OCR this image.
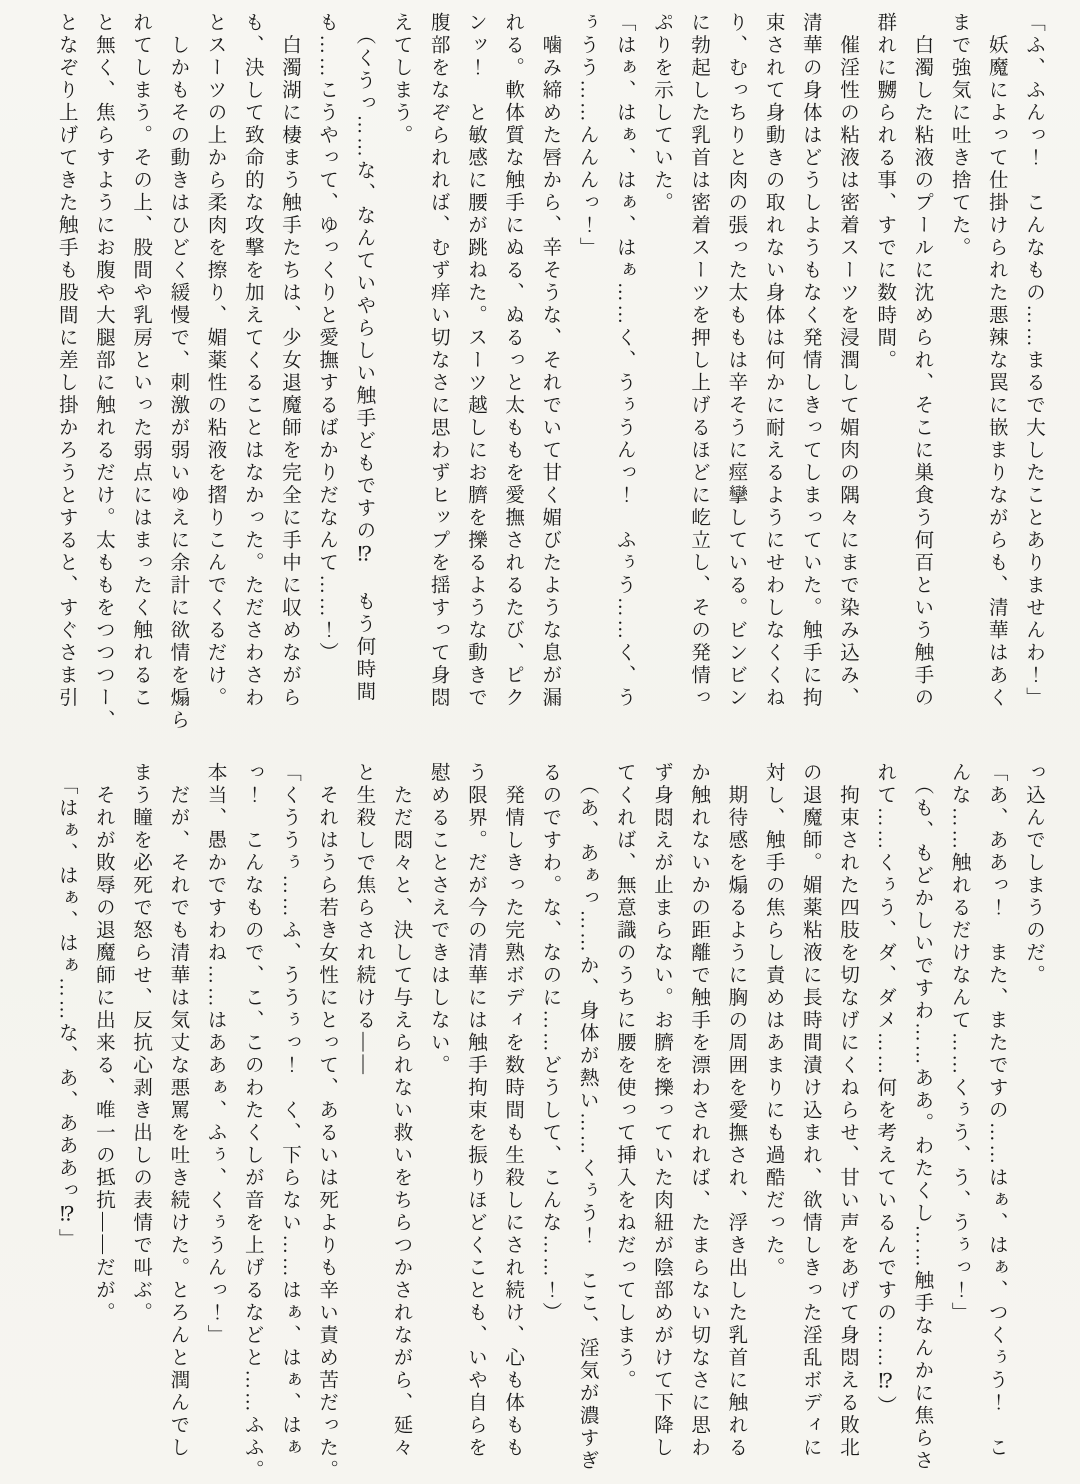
「ふ、ふんっ！　こんなもの……まるで大したことありませんわ！」
　妖魔によって仕掛けられた悪辣な罠に嵌まりながらも、清華はあく
まで強気に吐き捨てた。
　白濁した粘液のプールに沈められ、そこに巣食う何百という触手の
群れに嬲られる事、すでに数時間。
　催淫性の粘液は密着スーツを浸潤して媚肉の隅々にまで染み込み、
清華の身体はどうしようもなく発情しきってしまっていた。触手に拘
束されて身動きの取れない身体は何かに耐えるようにせわしなくくね
り、むっちりと肉の張った太ももは辛そうに痙攣している。ビンビン
に勃起した乳首は密着スーツを押し上げるほどに屹立し、その発情っ
ぷりを示していた。
「はぁ、はぁ、はぁ、はぁ……く、うぅうんっ！　ふぅう……く、う
ぅうう……んんんっ！」
　噛み締めた唇から、辛そうな、それでいて甘く媚びたような息が漏
れる。軟体質な触手にぬる、ぬるっと太ももを愛撫されるたび、ピク
ンッ！　と敏感に腰が跳ねた。スーツ越しにお臍を擽るような動きで
腹部をなぞられれば、むず痒い切なさに思わずヒップを揺すって身悶
えてしまう。
　（くうっ……な、なんていやらしい触手どもですの⁉　もう何時間
も……こうやって、ゆっくりと愛撫するばかりだなんて……！）
　白濁湖に棲まう触手たちは、少女退魔師を完全に手中に収めながら
も、決して致命的な攻撃を加えてくることはなかった。たださわさわ
とスーツの上から柔肉を擦り、媚薬性の粘液を摺りこんでくるだけ。
　しかもその動きはひどく緩慢で、刺激が弱いゆえに余計に欲情を煽ら
れてしまう。その上、股間や乳房といった弱点にはまったく触れるこ
と無く、焦らすようにお腹や大腿部に触れるだけ。太ももをつつつー、
となぞり上げてきた触手も股間に差し掛かろうとすると、すぐさま引
っ込んでしまうのだ。
「あ、ああっ！　また、またですの……はぁ、はぁ、つくぅう！　こ
んな……触れるだけなんて……くぅう、う、うぅっ！」
　（も、もどかしいですわ……ああ。わたくし……触手なんかに焦らさ
れて……くぅう、ダ、ダメ……何を考えているんですの……⁉）
　拘束された四肢を切なげにくねらせ、甘い声をあげて身悶える敗北
の退魔師。媚薬粘液に長時間漬け込まれ、欲情しきった淫乱ボディに
対し、触手の焦らし責めはあまりにも過酷だった。
　期待感を煽るように胸の周囲を愛撫され、浮き出した乳首に触れる
か触れないかの距離で触手を漂わされれば、たまらない切なさに思わ
ず身悶えが止まらない。お臍を擽っていた肉紐が陰部めがけて下降し
てくれば、無意識のうちに腰を使って挿入をねだってしまう。
　（あ、あぁっ……か、身体が熱い……くぅう！　ここ、淫気が濃すぎ
るのですわ。な、なのに……どうして、こんな……！）
　発情しきった完熟ボディを数時間も生殺しにされ続け、心も体もも
う限界。だが今の清華には触手拘束を振りほどくことも、いや自らを
慰めることさえできはしない。
　ただ悶々と、決して与えられない救いをちらつかされながら、延々
と生殺しで焦らされ続ける――
　それはうら若き女性にとって、あるいは死よりも辛い責め苦だった。
「くううぅ……ふ、ううぅっ！　く、下らない……はぁ、はぁ、はぁ
っ！　こんなもので、こ、このわたくしが音を上げるなどと……ふふ。
本当、愚かですわね……はああぁ、ふぅ、くぅうんっ！」
　だが、それでも清華は気丈な悪罵を吐き続けた。とろんと潤んでし
まう瞳を必死で怒らせ、反抗心剥き出しの表情で叫ぶ。
　それが敗辱の退魔師に出来る、唯一の抵抗――だが。
　「はぁ、はぁ、はぁ……な、あ、あああっ⁉」
